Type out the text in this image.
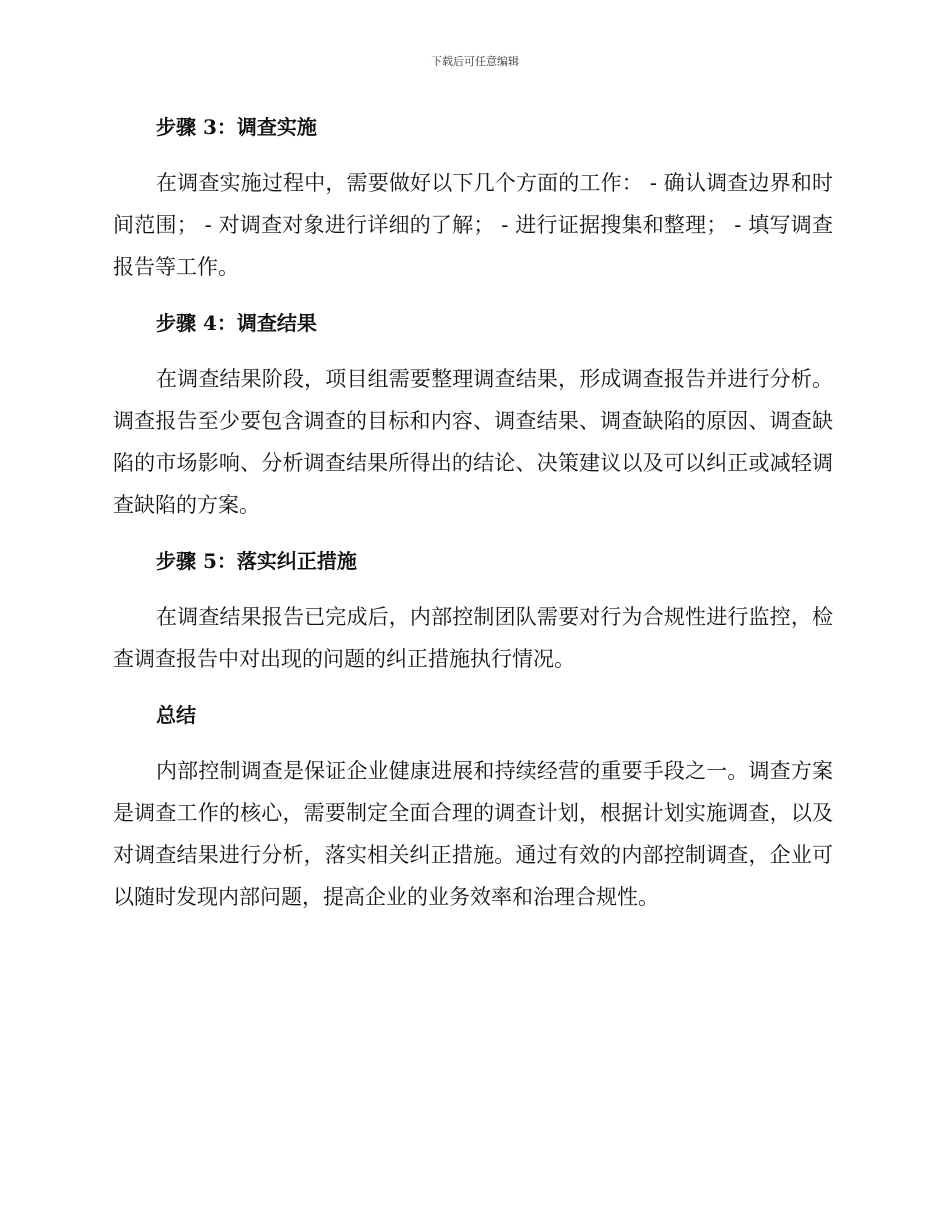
下载后可任意编辑
步骤 3：调查实施

在调查实施过程中，需要做好以下几个方面的工作： - 确认调查边界和时间范围； - 对调查对象进行详细的了解； - 进行证据搜集和整理； - 填写调查报告等工作。

步骤 4：调查结果

在调查结果阶段，项目组需要整理调查结果，形成调查报告并进行分析。调查报告至少要包含调查的目标和内容、调查结果、调查缺陷的原因、调查缺陷的市场影响、分析调查结果所得出的结论、决策建议以及可以纠正或减轻调查缺陷的方案。

步骤 5：落实纠正措施

在调查结果报告已完成后，内部控制团队需要对行为合规性进行监控，检查调查报告中对出现的问题的纠正措施执行情况。

总结

内部控制调查是保证企业健康进展和持续经营的重要手段之一。调查方案是调查工作的核心，需要制定全面合理的调查计划，根据计划实施调查，以及对调查结果进行分析，落实相关纠正措施。通过有效的内部控制调查，企业可以随时发现内部问题，提高企业的业务效率和治理合规性。
